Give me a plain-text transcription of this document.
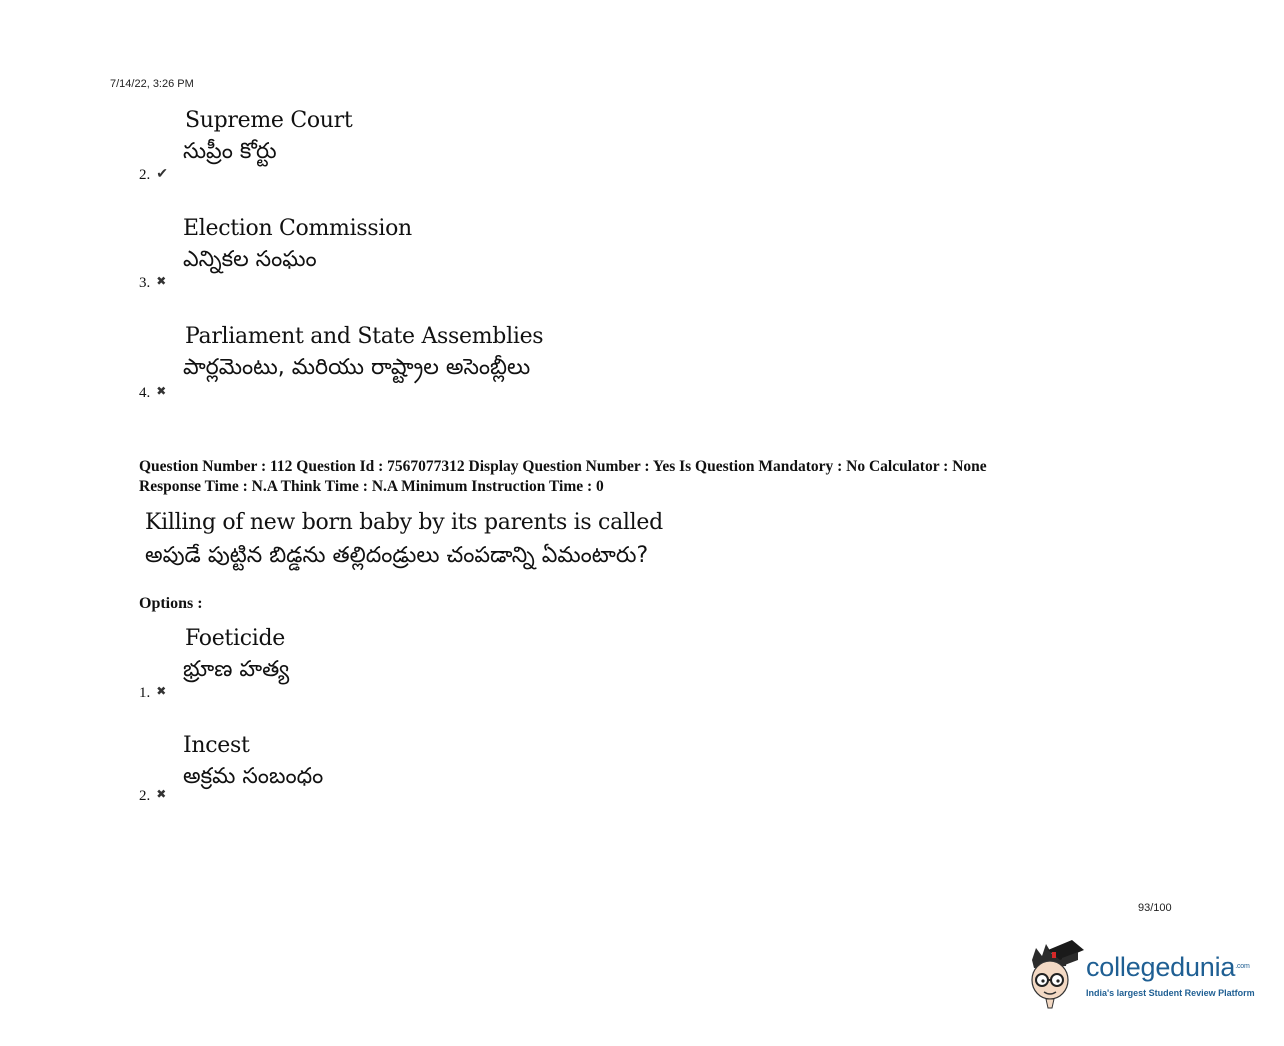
7/14/22, 3:26 PM
Supreme Court
సుప్రీం కోర్టు
2. ✔
Election Commission
ఎన్నికల సంఘం
3. ✖
Parliament and State Assemblies
పార్లమెంటు, మరియు రాష్ట్రాల అసెంబ్లీలు
4. ✖
Question Number : 112 Question Id : 7567077312 Display Question Number : Yes Is Question Mandatory : No Calculator : None
Response Time : N.A Think Time : N.A Minimum Instruction Time : 0
Killing of new born baby by its parents is called
అపుడే పుట్టిన బిడ్డను తల్లిదండ్రులు చంపడాన్ని ఏమంటారు?
Options :
Foeticide
భ్రూణ హత్య
1. ✖
Incest
అక్రమ సంబంధం
2. ✖
93/100
collegedunia$^{.com}$
India's largest Student Review Platform
